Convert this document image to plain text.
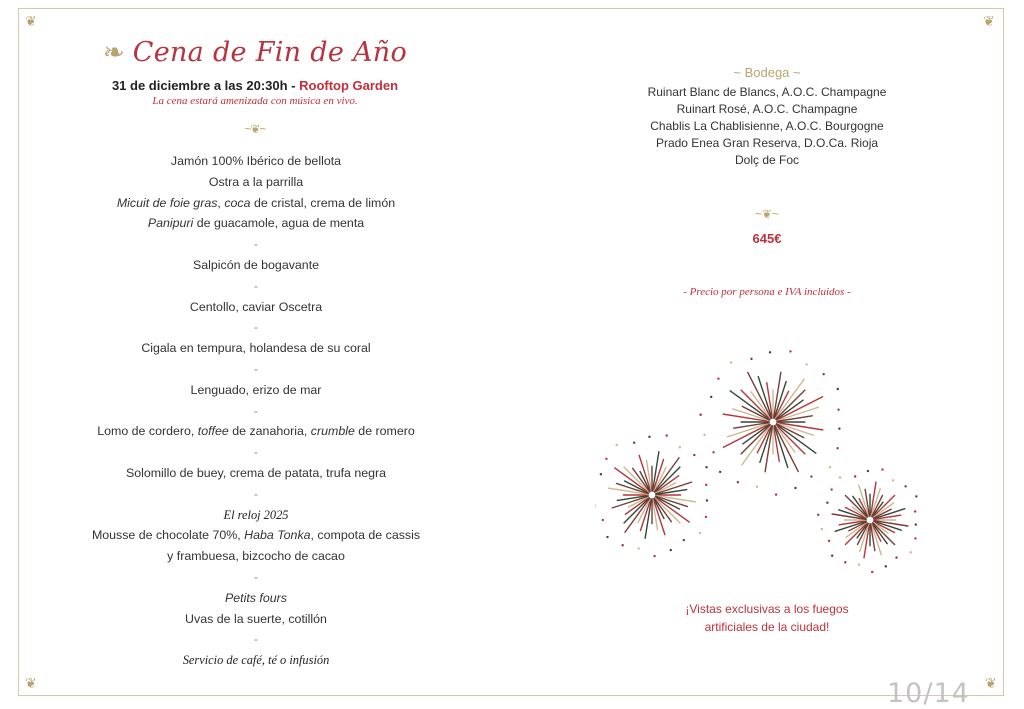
❦	❦
❦	❦
❧ Cena de Fin de Año
31 de diciembre a las 20:30h - Rooftop Garden
La cena estará amenizada con música en vivo.
~❦~
Jamón 100% Ibérico de bellota
Ostra a la parrilla
Micuit de foie gras, coca de cristal, crema de limón
Panipuri de guacamole, agua de menta
-
Salpicón de bogavante
-
Centollo, caviar Oscetra
-
Cigala en tempura, holandesa de su coral
-
Lenguado, erizo de mar
-
Lomo de cordero, toffee de zanahoria, crumble de romero
-
Solomillo de buey, crema de patata, trufa negra
-
El reloj 2025
Mousse de chocolate 70%, Haba Tonka, compota de cassis
y frambuesa, bizcocho de cacao
-
Petits fours
Uvas de la suerte, cotillón
-
Servicio de café, té o infusión
~ Bodega ~
Ruinart Blanc de Blancs, A.O.C. Champagne
Ruinart Rosé, A.O.C. Champagne
Chablis La Chablisienne, A.O.C. Bourgogne
Prado Enea Gran Reserva, D.O.Ca. Rioja
Dolç de Foc
~❦~
645€
- Precio por persona e IVA incluidos -
¡Vistas exclusivas a los fuegos
artificiales de la ciudad!
10/14
